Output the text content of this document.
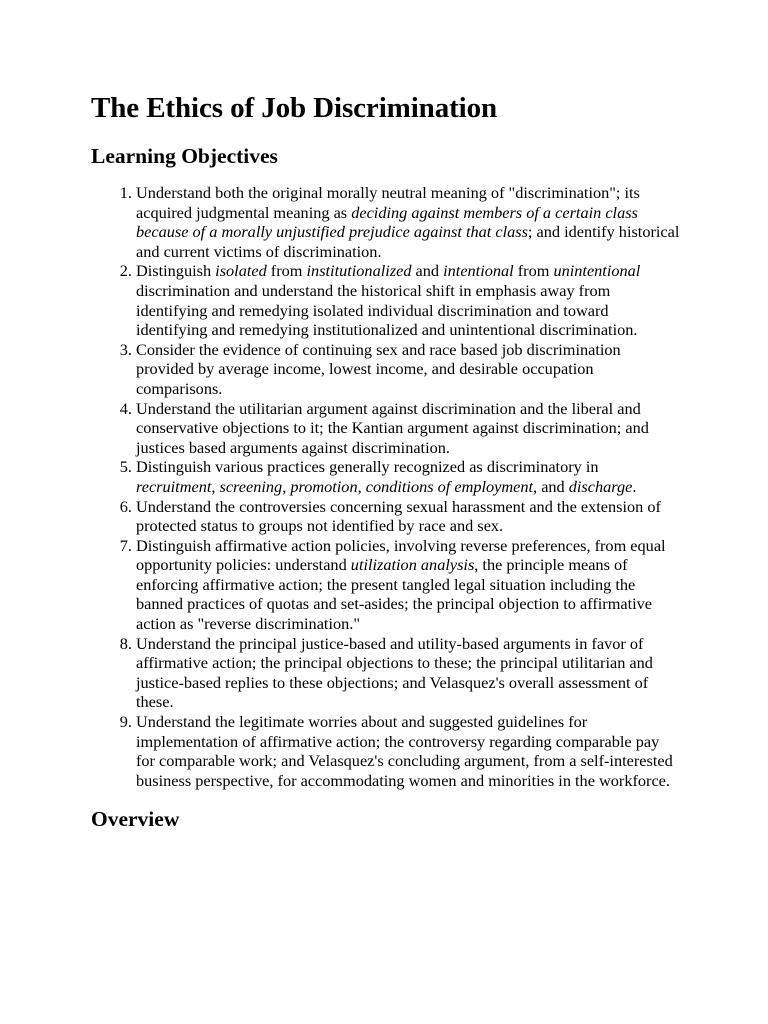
The Ethics of Job Discrimination
Learning Objectives
1. Understand both the original morally neutral meaning of "discrimination"; its acquired judgmental meaning as deciding against members of a certain class because of a morally unjustified prejudice against that class; and identify historical and current victims of discrimination.
2. Distinguish isolated from institutionalized and intentional from unintentional discrimination and understand the historical shift in emphasis away from identifying and remedying isolated individual discrimination and toward identifying and remedying institutionalized and unintentional discrimination.
3. Consider the evidence of continuing sex and race based job discrimination provided by average income, lowest income, and desirable occupation comparisons.
4. Understand the utilitarian argument against discrimination and the liberal and conservative objections to it; the Kantian argument against discrimination; and justices based arguments against discrimination.
5. Distinguish various practices generally recognized as discriminatory in recruitment, screening, promotion, conditions of employment, and discharge.
6. Understand the controversies concerning sexual harassment and the extension of protected status to groups not identified by race and sex.
7. Distinguish affirmative action policies, involving reverse preferences, from equal opportunity policies: understand utilization analysis, the principle means of enforcing affirmative action; the present tangled legal situation including the banned practices of quotas and set-asides; the principal objection to affirmative action as "reverse discrimination."
8. Understand the principal justice-based and utility-based arguments in favor of affirmative action; the principal objections to these; the principal utilitarian and justice-based replies to these objections; and Velasquez's overall assessment of these.
9. Understand the legitimate worries about and suggested guidelines for implementation of affirmative action; the controversy regarding comparable pay for comparable work; and Velasquez's concluding argument, from a self-interested business perspective, for accommodating women and minorities in the workforce.
Overview
